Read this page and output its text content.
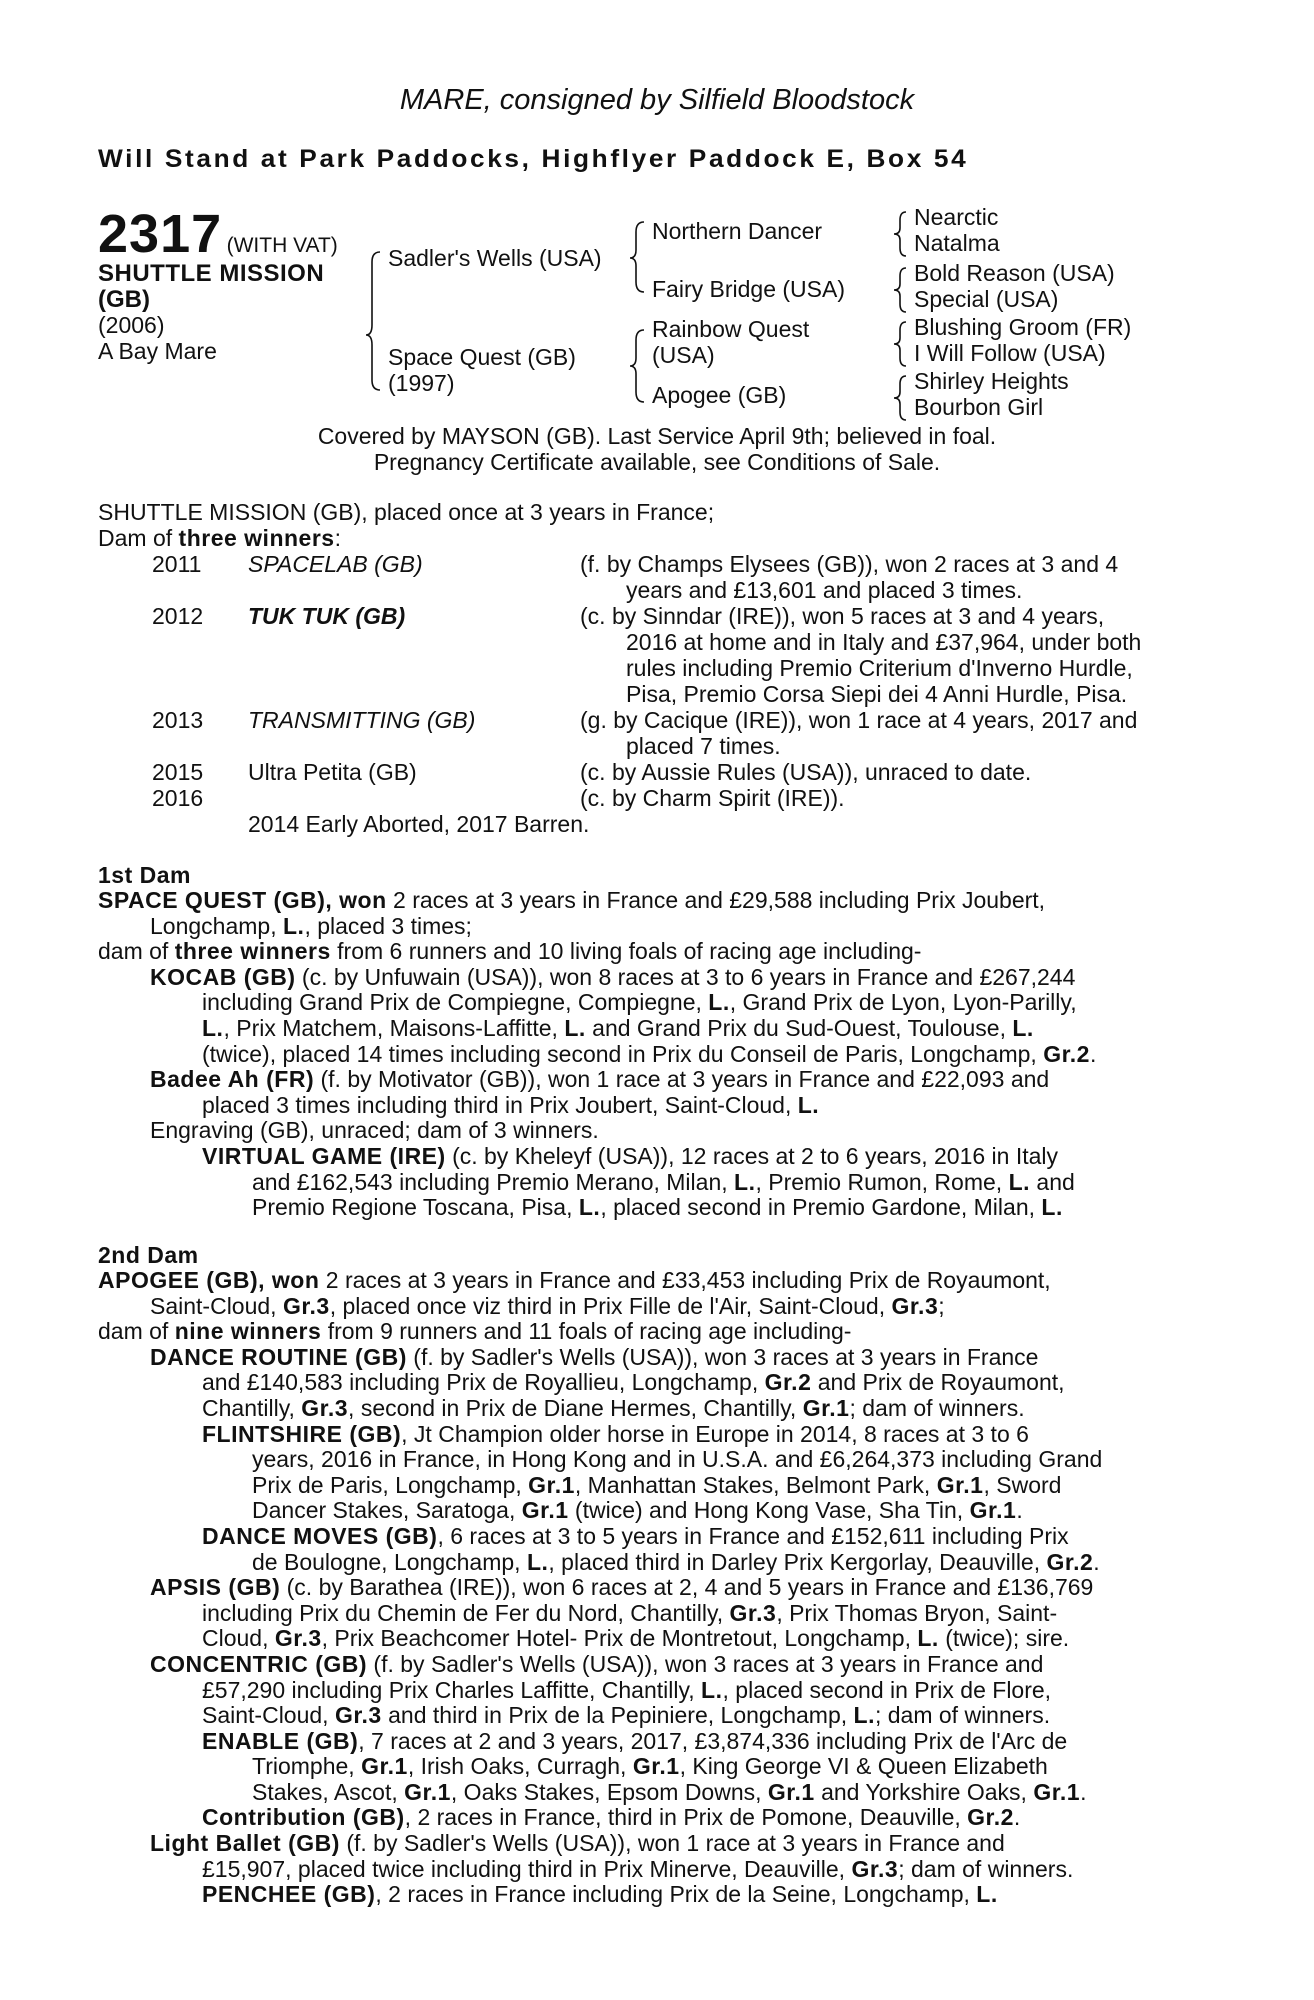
MARE, consigned by Silfield Bloodstock
Will Stand at Park Paddocks, Highflyer Paddock E, Box 54
2317 (WITH VAT)
SHUTTLE MISSION
(GB)
(2006)
A Bay Mare
Sadler's Wells (USA)
Space Quest (GB)
(1997)
Northern Dancer
Fairy Bridge (USA)
Rainbow Quest
(USA)
Apogee (GB)
Nearctic
Natalma
Bold Reason (USA)
Special (USA)
Blushing Groom (FR)
I Will Follow (USA)
Shirley Heights
Bourbon Girl
Covered by MAYSON (GB). Last Service April 9th; believed in foal.
Pregnancy Certificate available, see Conditions of Sale.
SHUTTLE MISSION (GB), placed once at 3 years in France;
Dam of three winners:
2011 SPACELAB (GB)	(f. by Champs Elysees (GB)), won 2 races at 3 and 4
years and £13,601 and placed 3 times.
2012 TUK TUK (GB)	(c. by Sinndar (IRE)), won 5 races at 3 and 4 years,
2016 at home and in Italy and £37,964, under both
rules including Premio Criterium d'Inverno Hurdle,
Pisa, Premio Corsa Siepi dei 4 Anni Hurdle, Pisa.
2013 TRANSMITTING (GB)	(g. by Cacique (IRE)), won 1 race at 4 years, 2017 and
placed 7 times.
2015 Ultra Petita (GB)	(c. by Aussie Rules (USA)), unraced to date.
2016	(c. by Charm Spirit (IRE)).
2014 Early Aborted, 2017 Barren.
1st Dam
SPACE QUEST (GB), won 2 races at 3 years in France and £29,588 including Prix Joubert,
Longchamp, L., placed 3 times;
dam of three winners from 6 runners and 10 living foals of racing age including-
KOCAB (GB) (c. by Unfuwain (USA)), won 8 races at 3 to 6 years in France and £267,244
including Grand Prix de Compiegne, Compiegne, L., Grand Prix de Lyon, Lyon-Parilly,
L., Prix Matchem, Maisons-Laffitte, L. and Grand Prix du Sud-Ouest, Toulouse, L.
(twice), placed 14 times including second in Prix du Conseil de Paris, Longchamp, Gr.2.
Badee Ah (FR) (f. by Motivator (GB)), won 1 race at 3 years in France and £22,093 and
placed 3 times including third in Prix Joubert, Saint-Cloud, L.
Engraving (GB), unraced; dam of 3 winners.
VIRTUAL GAME (IRE) (c. by Kheleyf (USA)), 12 races at 2 to 6 years, 2016 in Italy
and £162,543 including Premio Merano, Milan, L., Premio Rumon, Rome, L. and
Premio Regione Toscana, Pisa, L., placed second in Premio Gardone, Milan, L.
2nd Dam
APOGEE (GB), won 2 races at 3 years in France and £33,453 including Prix de Royaumont,
Saint-Cloud, Gr.3, placed once viz third in Prix Fille de l'Air, Saint-Cloud, Gr.3;
dam of nine winners from 9 runners and 11 foals of racing age including-
DANCE ROUTINE (GB) (f. by Sadler's Wells (USA)), won 3 races at 3 years in France
and £140,583 including Prix de Royallieu, Longchamp, Gr.2 and Prix de Royaumont,
Chantilly, Gr.3, second in Prix de Diane Hermes, Chantilly, Gr.1; dam of winners.
FLINTSHIRE (GB), Jt Champion older horse in Europe in 2014, 8 races at 3 to 6
years, 2016 in France, in Hong Kong and in U.S.A. and £6,264,373 including Grand
Prix de Paris, Longchamp, Gr.1, Manhattan Stakes, Belmont Park, Gr.1, Sword
Dancer Stakes, Saratoga, Gr.1 (twice) and Hong Kong Vase, Sha Tin, Gr.1.
DANCE MOVES (GB), 6 races at 3 to 5 years in France and £152,611 including Prix
de Boulogne, Longchamp, L., placed third in Darley Prix Kergorlay, Deauville, Gr.2.
APSIS (GB) (c. by Barathea (IRE)), won 6 races at 2, 4 and 5 years in France and £136,769
including Prix du Chemin de Fer du Nord, Chantilly, Gr.3, Prix Thomas Bryon, Saint-
Cloud, Gr.3, Prix Beachcomer Hotel- Prix de Montretout, Longchamp, L. (twice); sire.
CONCENTRIC (GB) (f. by Sadler's Wells (USA)), won 3 races at 3 years in France and
£57,290 including Prix Charles Laffitte, Chantilly, L., placed second in Prix de Flore,
Saint-Cloud, Gr.3 and third in Prix de la Pepiniere, Longchamp, L.; dam of winners.
ENABLE (GB), 7 races at 2 and 3 years, 2017, £3,874,336 including Prix de l'Arc de
Triomphe, Gr.1, Irish Oaks, Curragh, Gr.1, King George VI & Queen Elizabeth
Stakes, Ascot, Gr.1, Oaks Stakes, Epsom Downs, Gr.1 and Yorkshire Oaks, Gr.1.
Contribution (GB), 2 races in France, third in Prix de Pomone, Deauville, Gr.2.
Light Ballet (GB) (f. by Sadler's Wells (USA)), won 1 race at 3 years in France and
£15,907, placed twice including third in Prix Minerve, Deauville, Gr.3; dam of winners.
PENCHEE (GB), 2 races in France including Prix de la Seine, Longchamp, L.
